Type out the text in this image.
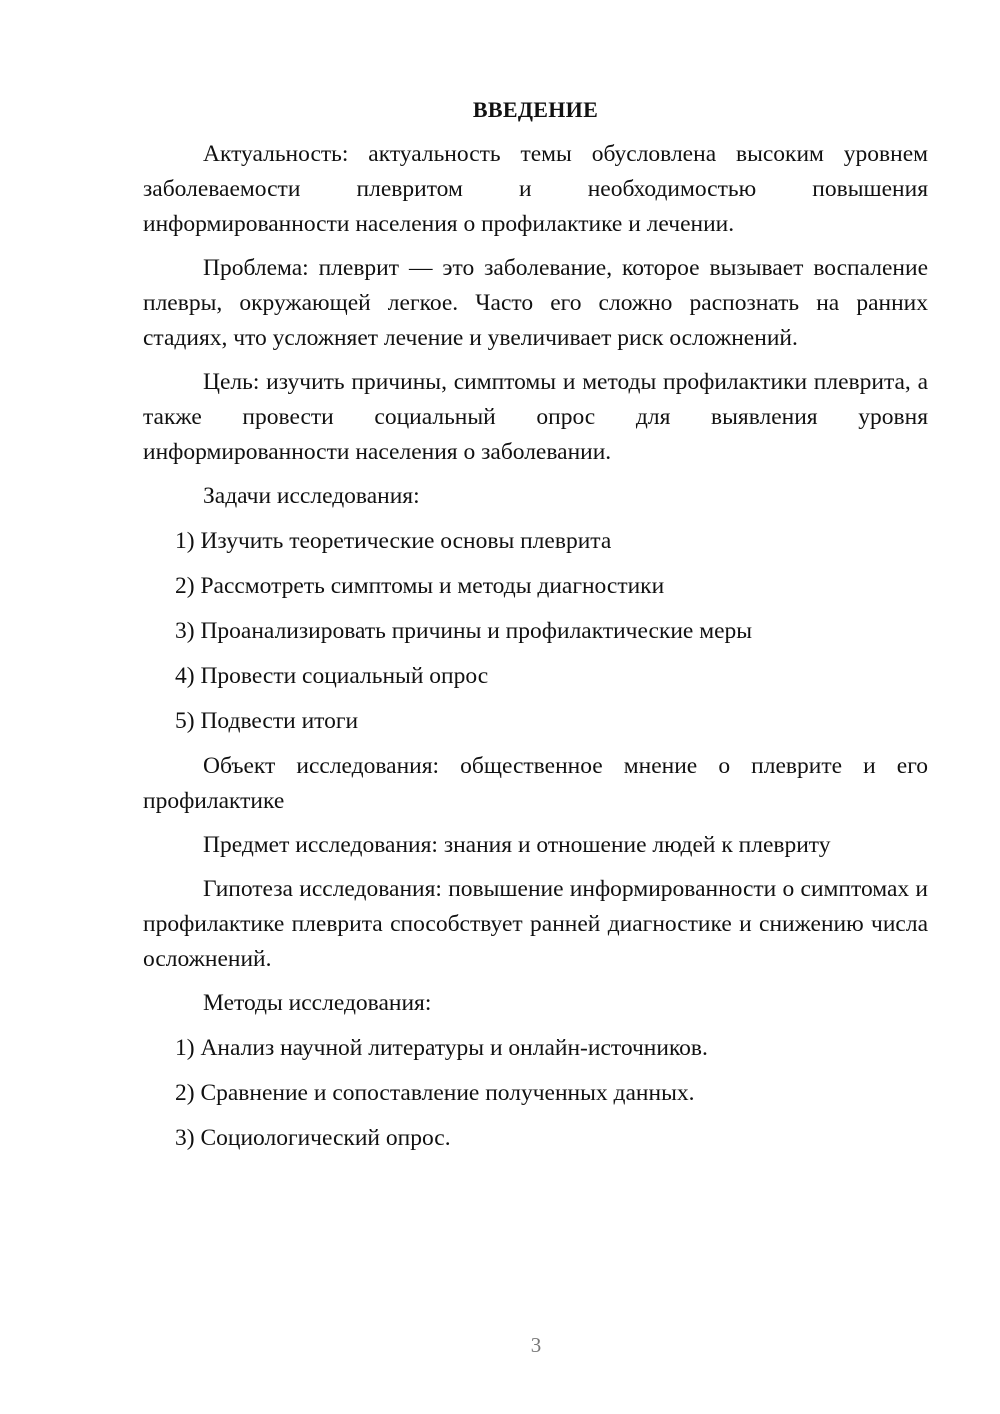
ВВЕДЕНИЕ

Актуальность: актуальность темы обусловлена высоким уровнем заболеваемости плевритом и необходимостью повышения информированности населения о профилактике и лечении.

Проблема: плеврит — это заболевание, которое вызывает воспаление плевры, окружающей легкое. Часто его сложно распознать на ранних стадиях, что усложняет лечение и увеличивает риск осложнений.

Цель: изучить причины, симптомы и методы профилактики плеврита, а также провести социальный опрос для выявления уровня информированности населения о заболевании.

Задачи исследования:

1) Изучить теоретические основы плеврита

2) Рассмотреть симптомы и методы диагностики

3) Проанализировать причины и профилактические меры

4) Провести социальный опрос

5) Подвести итоги

Объект исследования: общественное мнение о плеврите и его профилактике

Предмет исследования: знания и отношение людей к плевриту

Гипотеза исследования: повышение информированности о симптомах и профилактике плеврита способствует ранней диагностике и снижению числа осложнений.

Методы исследования:

1) Анализ научной литературы и онлайн-источников.

2) Сравнение и сопоставление полученных данных.

3) Социологический опрос.

3
